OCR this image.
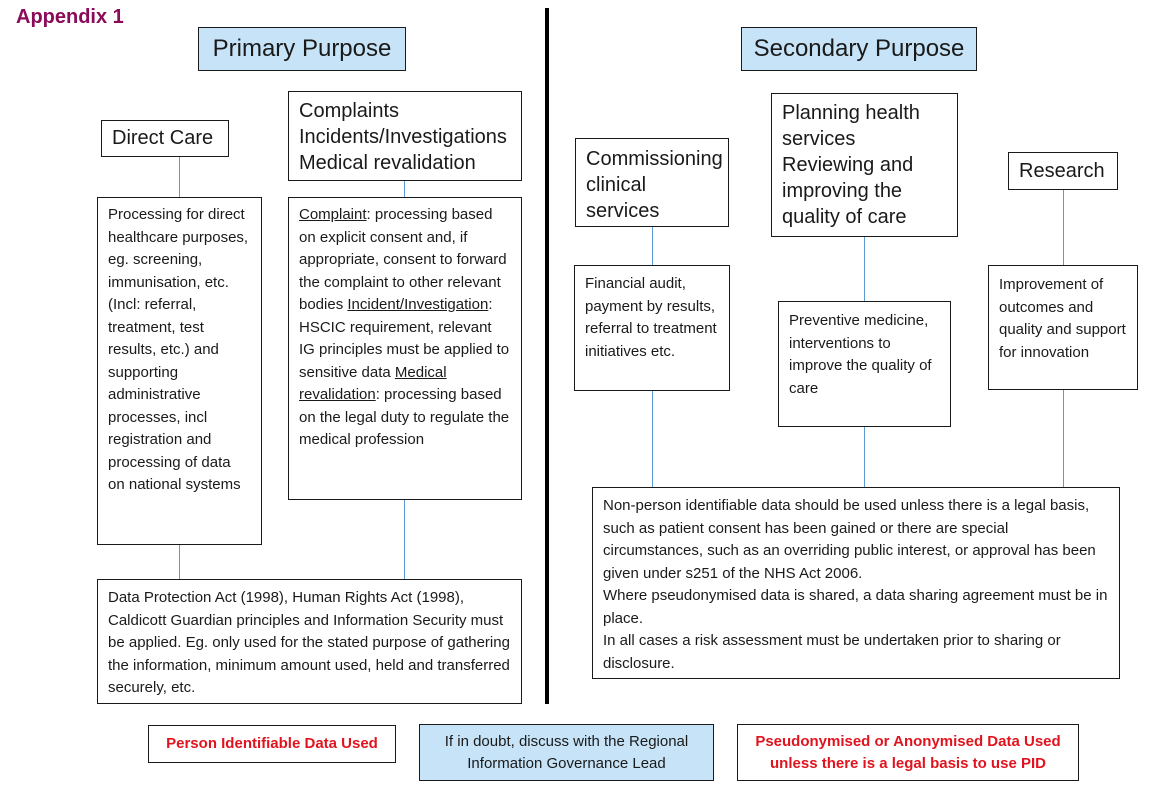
Appendix 1
Primary Purpose
Direct Care
Processing for direct healthcare purposes, eg. screening, immunisation, etc. (Incl: referral, treatment, test results, etc.) and supporting administrative processes, incl registration and processing of data on national systems
Complaints
Incidents/Investigations
Medical revalidation
Complaint: processing based on explicit consent and, if appropriate, consent to forward the complaint to other relevant bodies Incident/Investigation: HSCIC requirement, relevant IG principles must be applied to sensitive data Medical revalidation: processing based on the legal duty to regulate the medical profession
Data Protection Act (1998), Human Rights Act (1998), Caldicott Guardian principles and Information Security must be applied. Eg. only used for the stated purpose of gathering the information, minimum amount used, held and transferred securely, etc.
Secondary Purpose
Commissioning clinical services
Financial audit, payment by results, referral to treatment initiatives etc.
Planning health services Reviewing and improving the quality of care
Preventive medicine, interventions to improve the quality of care
Research
Improvement of outcomes and quality and support for innovation
Non-person identifiable data should be used unless there is a legal basis, such as patient consent has been gained or there are special circumstances, such as an overriding public interest, or approval has been given under s251 of the NHS Act 2006.
Where pseudonymised data is shared, a data sharing agreement must be in place.
In all cases a risk assessment must be undertaken prior to sharing or disclosure.
Person Identifiable Data Used	If in doubt, discuss with the Regional Information Governance Lead
Pseudonymised or Anonymised Data Used unless there is a legal basis to use PID
